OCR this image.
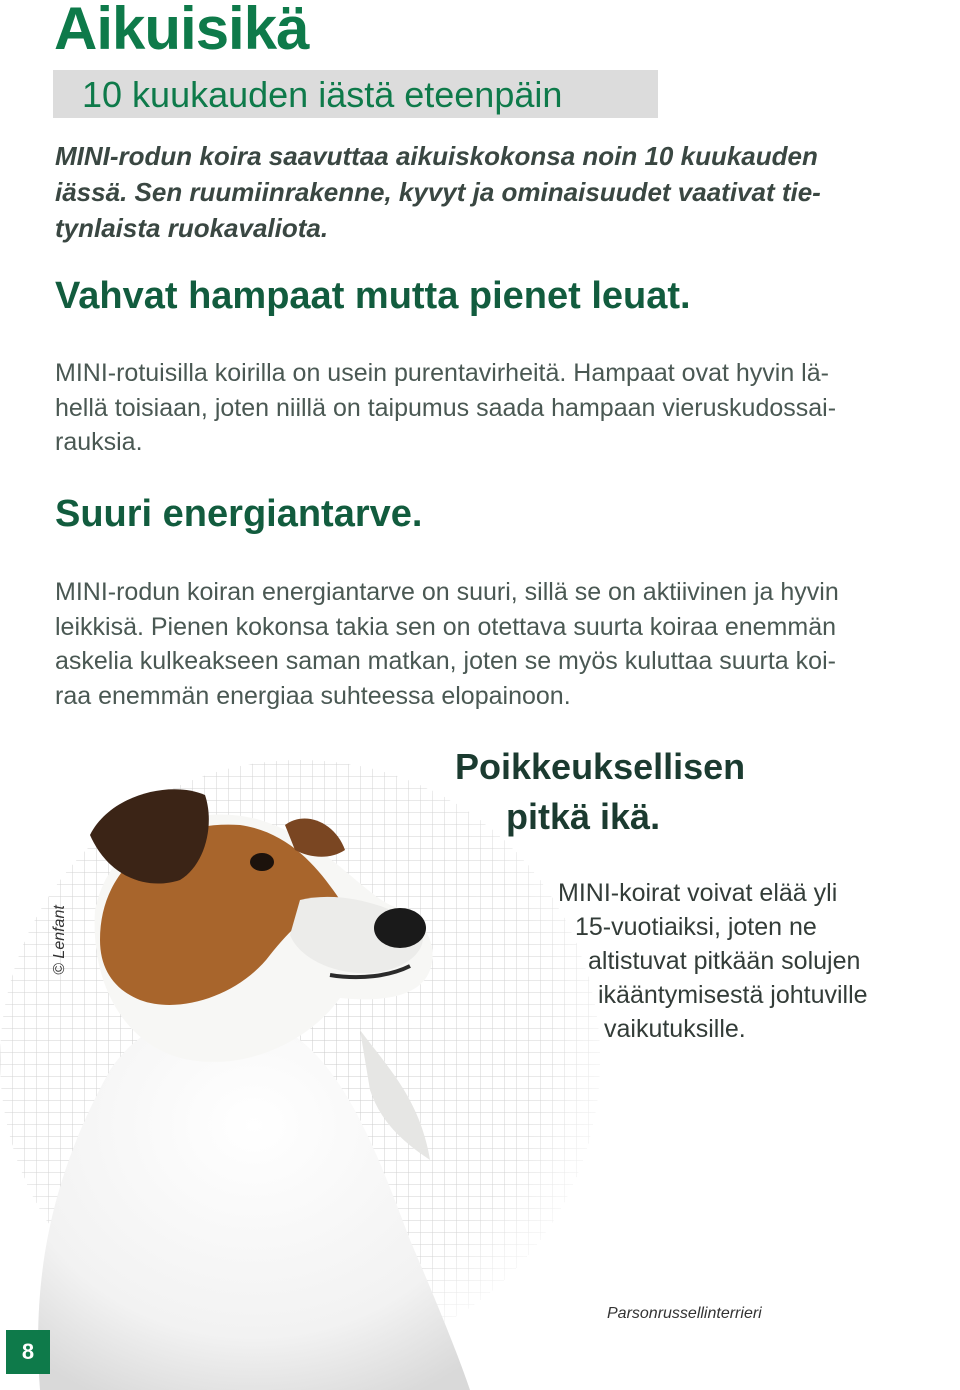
Aikuisikä
10 kuukauden iästä eteenpäin

MINI-rodun koira saavuttaa aikuiskokonsa noin 10 kuukauden
iässä. Sen ruumiinrakenne, kyvyt ja ominaisuudet vaativat tie-
tynlaista ruokavaliota.

Vahvat hampaat mutta pienet leuat.

MINI-rotuisilla koirilla on usein purentavirheitä. Hampaat ovat hyvin lä-
hellä toisiaan, joten niillä on taipumus saada hampaan vieruskudossai-
rauksia.

Suuri energiantarve.

MINI-rodun koiran energiantarve on suuri, sillä se on aktiivinen ja hyvin
leikkisä. Pienen kokonsa takia sen on otettava suurta koiraa enemmän
askelia kulkeakseen saman matkan, joten se myös kuluttaa suurta koi-
raa enemmän energiaa suhteessa elopainoon.

© Lenfant
Poikkeuksellisen
pitkä ikä.
MINI-koirat voivat elää yli
15-vuotiaiksi, joten ne
altistuvat pitkään solujen
ikääntymisestä johtuville
vaikutuksille.
Parsonrussellinterrieri
8
